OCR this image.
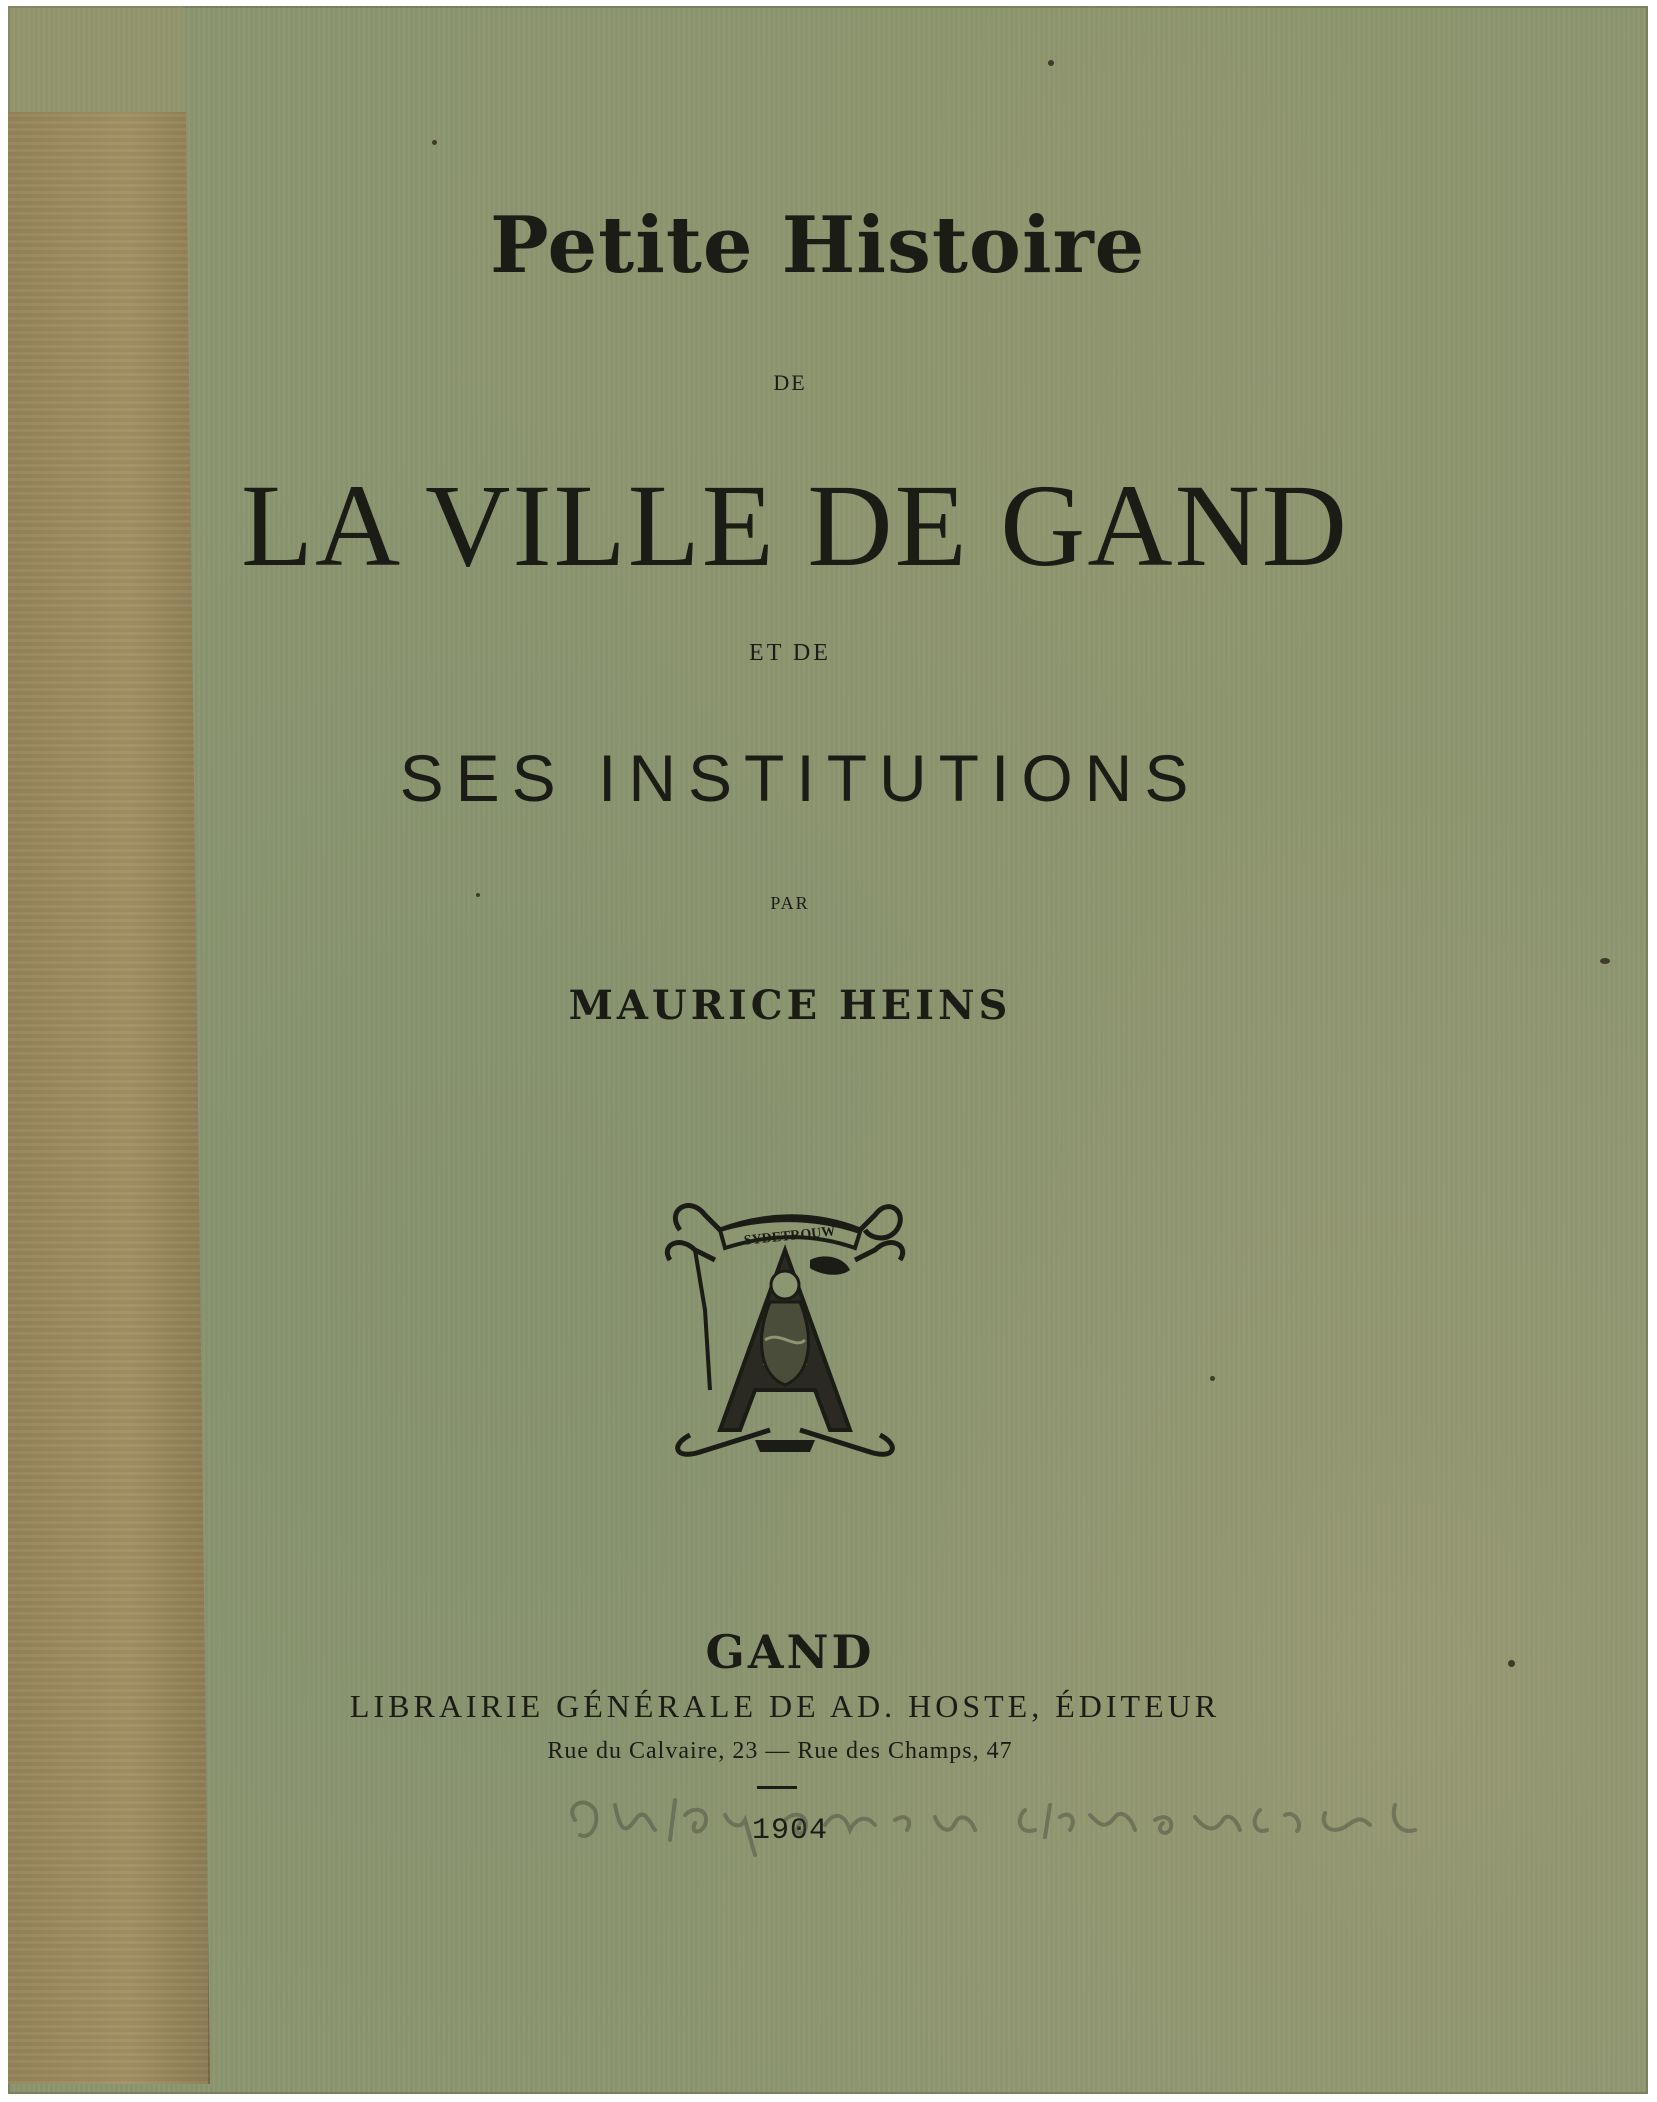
Petite Histoire
DE
LA VILLE DE GAND
ET DE
SES INSTITUTIONS
PAR
MAURICE HEINS
SYDETROUW
GAND
LIBRAIRIE GÉNÉRALE DE AD. HOSTE, ÉDITEUR
Rue du Calvaire, 23 — Rue des Champs, 47
1904
